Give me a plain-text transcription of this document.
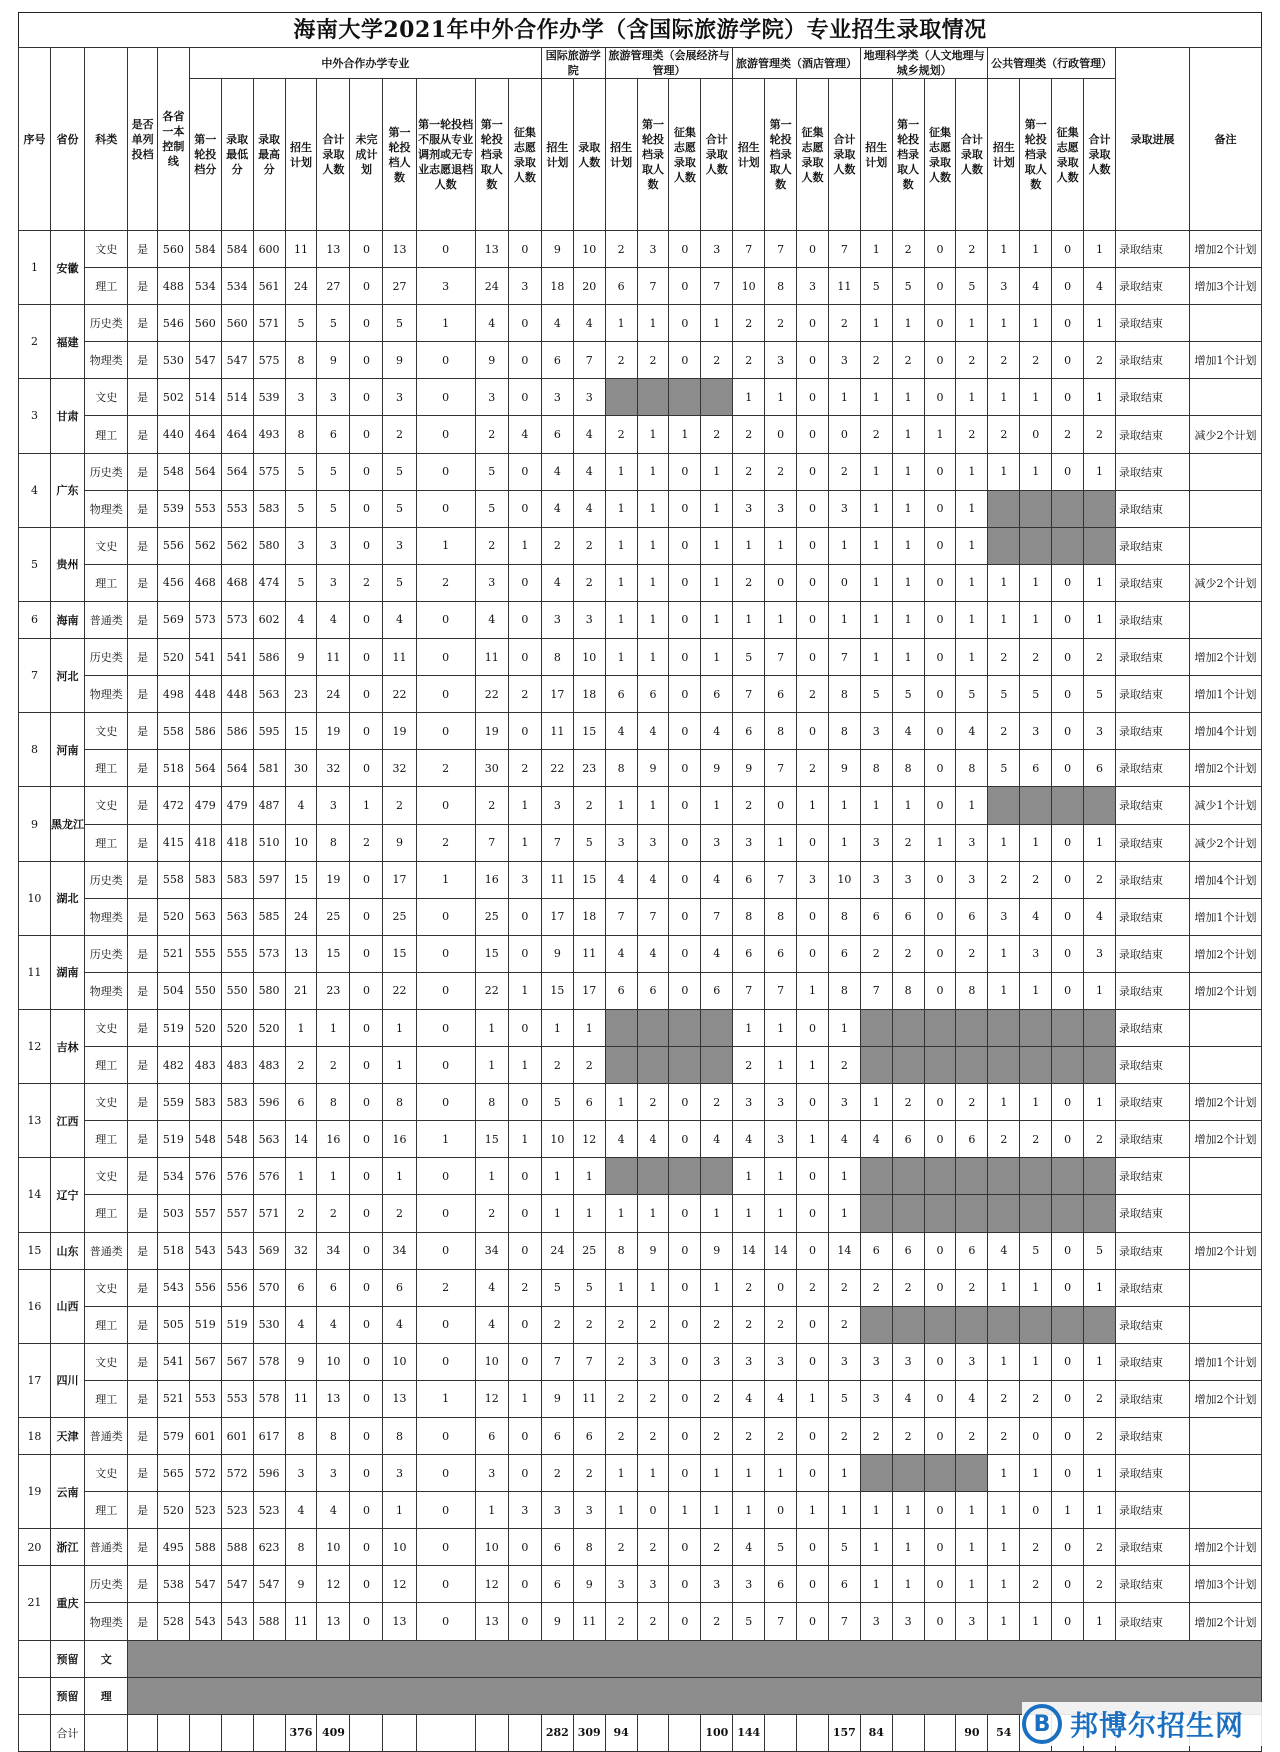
海南大学2021年中外合作办学（含国际旅游学院）专业招生录取情况
序号	省份	科类	是否单列投档	各省一本控制线	中外合作办学专业										国际旅游学院		旅游管理类（会展经济与管理）				旅游管理类（酒店管理）				地理科学类（人文地理与城乡规划）				公共管理类（行政管理）				录取进展	备注

					第一轮投档分	录取最低分	录取最高分	招生计划	合计录取人数	未完成计划	第一轮投档人数	第一轮投档不服从专业调剂或无专业志愿退档人数	第一轮投档录取人数	征集志愿录取人数	招生计划	录取人数	招生计划	第一轮投档录取人数	征集志愿录取人数	合计录取人数	招生计划	第一轮投档录取人数	征集志愿录取人数	合计录取人数	招生计划	第一轮投档录取人数	征集志愿录取人数	合计录取人数	招生计划	第一轮投档录取人数	征集志愿录取人数	合计录取人数		
1	安徽	文史	是	560	584	584	600	11	13	0	13	0	13	0	9	10	2	3	0	3	7	7	0	7	1	2	0	2	1	1	0	1	录取结束	增加2个计划
		理工	是	488	534	534	561	24	27	0	27	3	24	3	18	20	6	7	0	7	10	8	3	11	5	5	0	5	3	4	0	4	录取结束	增加3个计划
2	福建	历史类	是	546	560	560	571	5	5	0	5	1	4	0	4	4	1	1	0	1	2	2	0	2	1	1	0	1	1	1	0	1	录取结束	
		物理类	是	530	547	547	575	8	9	0	9	0	9	0	6	7	2	2	0	2	2	3	0	3	2	2	0	2	2	2	0	2	录取结束	增加1个计划
3	甘肃	文史	是	502	514	514	539	3	3	0	3	0	3	0	3	3					1	1	0	1	1	1	0	1	1	1	0	1	录取结束	
		理工	是	440	464	464	493	8	6	0	2	0	2	4	6	4	2	1	1	2	2	0	0	0	2	1	1	2	2	0	2	2	录取结束	减少2个计划
4	广东	历史类	是	548	564	564	575	5	5	0	5	0	5	0	4	4	1	1	0	1	2	2	0	2	1	1	0	1	1	1	0	1	录取结束	
		物理类	是	539	553	553	583	5	5	0	5	0	5	0	4	4	1	1	0	1	3	3	0	3	1	1	0	1					录取结束	
5	贵州	文史	是	556	562	562	580	3	3	0	3	1	2	1	2	2	1	1	0	1	1	1	0	1	1	1	0	1					录取结束	
		理工	是	456	468	468	474	5	3	2	5	2	3	0	4	2	1	1	0	1	2	0	0	0	1	1	0	1	1	1	0	1	录取结束	减少2个计划
6	海南	普通类	是	569	573	573	602	4	4	0	4	0	4	0	3	3	1	1	0	1	1	1	0	1	1	1	0	1	1	1	0	1	录取结束	
7	河北	历史类	是	520	541	541	586	9	11	0	11	0	11	0	8	10	1	1	0	1	5	7	0	7	1	1	0	1	2	2	0	2	录取结束	增加2个计划
		物理类	是	498	448	448	563	23	24	0	22	0	22	2	17	18	6	6	0	6	7	6	2	8	5	5	0	5	5	5	0	5	录取结束	增加1个计划
8	河南	文史	是	558	586	586	595	15	19	0	19	0	19	0	11	15	4	4	0	4	6	8	0	8	3	4	0	4	2	3	0	3	录取结束	增加4个计划
		理工	是	518	564	564	581	30	32	0	32	2	30	2	22	23	8	9	0	9	9	7	2	9	8	8	0	8	5	6	0	6	录取结束	增加2个计划
9	黑龙江	文史	是	472	479	479	487	4	3	1	2	0	2	1	3	2	1	1	0	1	2	0	1	1	1	1	0	1					录取结束	减少1个计划
		理工	是	415	418	418	510	10	8	2	9	2	7	1	7	5	3	3	0	3	3	1	0	1	3	2	1	3	1	1	0	1	录取结束	减少2个计划
10	湖北	历史类	是	558	583	583	597	15	19	0	17	1	16	3	11	15	4	4	0	4	6	7	3	10	3	3	0	3	2	2	0	2	录取结束	增加4个计划
		物理类	是	520	563	563	585	24	25	0	25	0	25	0	17	18	7	7	0	7	8	8	0	8	6	6	0	6	3	4	0	4	录取结束	增加1个计划
11	湖南	历史类	是	521	555	555	573	13	15	0	15	0	15	0	9	11	4	4	0	4	6	6	0	6	2	2	0	2	1	3	0	3	录取结束	增加2个计划
		物理类	是	504	550	550	580	21	23	0	22	0	22	1	15	17	6	6	0	6	7	7	1	8	7	8	0	8	1	1	0	1	录取结束	增加2个计划
12	吉林	文史	是	519	520	520	520	1	1	0	1	0	1	0	1	1					1	1	0	1									录取结束	
		理工	是	482	483	483	483	2	2	0	1	0	1	1	2	2					2	1	1	2									录取结束	
13	江西	文史	是	559	583	583	596	6	8	0	8	0	8	0	5	6	1	2	0	2	3	3	0	3	1	2	0	2	1	1	0	1	录取结束	增加2个计划
		理工	是	519	548	548	563	14	16	0	16	1	15	1	10	12	4	4	0	4	4	3	1	4	4	6	0	6	2	2	0	2	录取结束	增加2个计划
14	辽宁	文史	是	534	576	576	576	1	1	0	1	0	1	0	1	1					1	1	0	1									录取结束	
		理工	是	503	557	557	571	2	2	0	2	0	2	0	1	1	1	1	0	1	1	1	0	1									录取结束	
15	山东	普通类	是	518	543	543	569	32	34	0	34	0	34	0	24	25	8	9	0	9	14	14	0	14	6	6	0	6	4	5	0	5	录取结束	增加2个计划
16	山西	文史	是	543	556	556	570	6	6	0	6	2	4	2	5	5	1	1	0	1	2	0	2	2	2	2	0	2	1	1	0	1	录取结束	
		理工	是	505	519	519	530	4	4	0	4	0	4	0	2	2	2	2	0	2	2	2	0	2									录取结束	
17	四川	文史	是	541	567	567	578	9	10	0	10	0	10	0	7	7	2	3	0	3	3	3	0	3	3	3	0	3	1	1	0	1	录取结束	增加1个计划
		理工	是	521	553	553	578	11	13	0	13	1	12	1	9	11	2	2	0	2	4	4	1	5	3	4	0	4	2	2	0	2	录取结束	增加2个计划
18	天津	普通类	是	579	601	601	617	8	8	0	8	0	6	0	6	6	2	2	0	2	2	2	0	2	2	2	0	2	2	0	0	2	录取结束	
19	云南	文史	是	565	572	572	596	3	3	0	3	0	3	0	2	2	1	1	0	1	1	1	0	1					1	1	0	1	录取结束	
		理工	是	520	523	523	523	4	4	0	1	0	1	3	3	3	1	0	1	1	1	0	1	1	1	1	0	1	1	0	1	1	录取结束	
20	浙江	普通类	是	495	588	588	623	8	10	0	10	0	10	0	6	8	2	2	0	2	4	5	0	5	1	1	0	1	1	2	0	2	录取结束	增加2个计划
21	重庆	历史类	是	538	547	547	547	9	12	0	12	0	12	0	6	9	3	3	0	3	3	6	0	6	1	1	0	1	1	2	0	2	录取结束	增加3个计划
		物理类	是	528	543	543	588	11	13	0	13	0	13	0	9	11	2	2	0	2	5	7	0	7	3	3	0	3	1	1	0	1	录取结束	增加2个计划
	预留	文																																
	预留	理																																
	合计							376	409						282	309	94			100	144			157	84			90	54						B 邦博尔招生网
